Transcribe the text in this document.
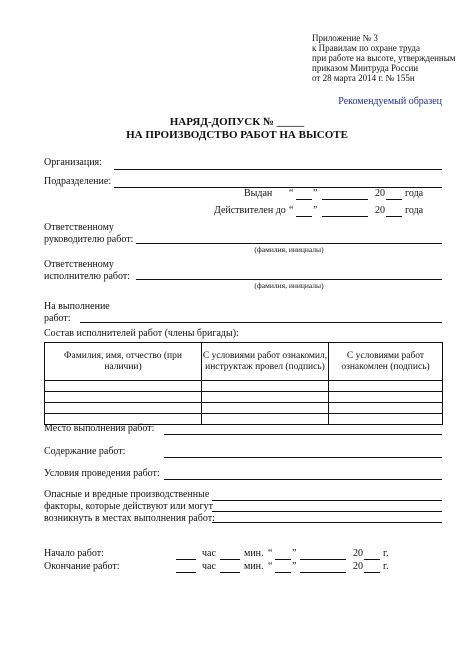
Приложение № 3
к Правилам по охране труда
при работе на высоте, утвержденным
приказом Минтруда России
от 28 марта 2014 г. № 155н
Рекомендуемый образец
НАРЯД-ДОПУСК № _____
НА ПРОИЗВОДСТВО РАБОТ НА ВЫСОТЕ
Организация:
Подразделение:
Выдан “ ”	20 года
Действителен до “ ”	20 года
Ответственному
руководителю работ:
(фамилия, инициалы)
Ответственному
исполнителю работ:
(фамилия, инициалы)
На выполнение
работ:
Состав исполнителей работ (члены бригады):
Фамилия, имя, отчество (при наличии)	С условиями работ ознакомил, инструктаж провел (подпись)	С условиями работ ознакомлен (подпись)

Место выполнения работ:
Содержание работ:
Условия проведения работ:
Опасные и вредные производственные
факторы, которые действуют или могут
возникнуть в местах выполнения работ:
Начало работ:	час	мин. “ ”	20 г.
Окончание работ:	час	мин. “ ”	20 г.
